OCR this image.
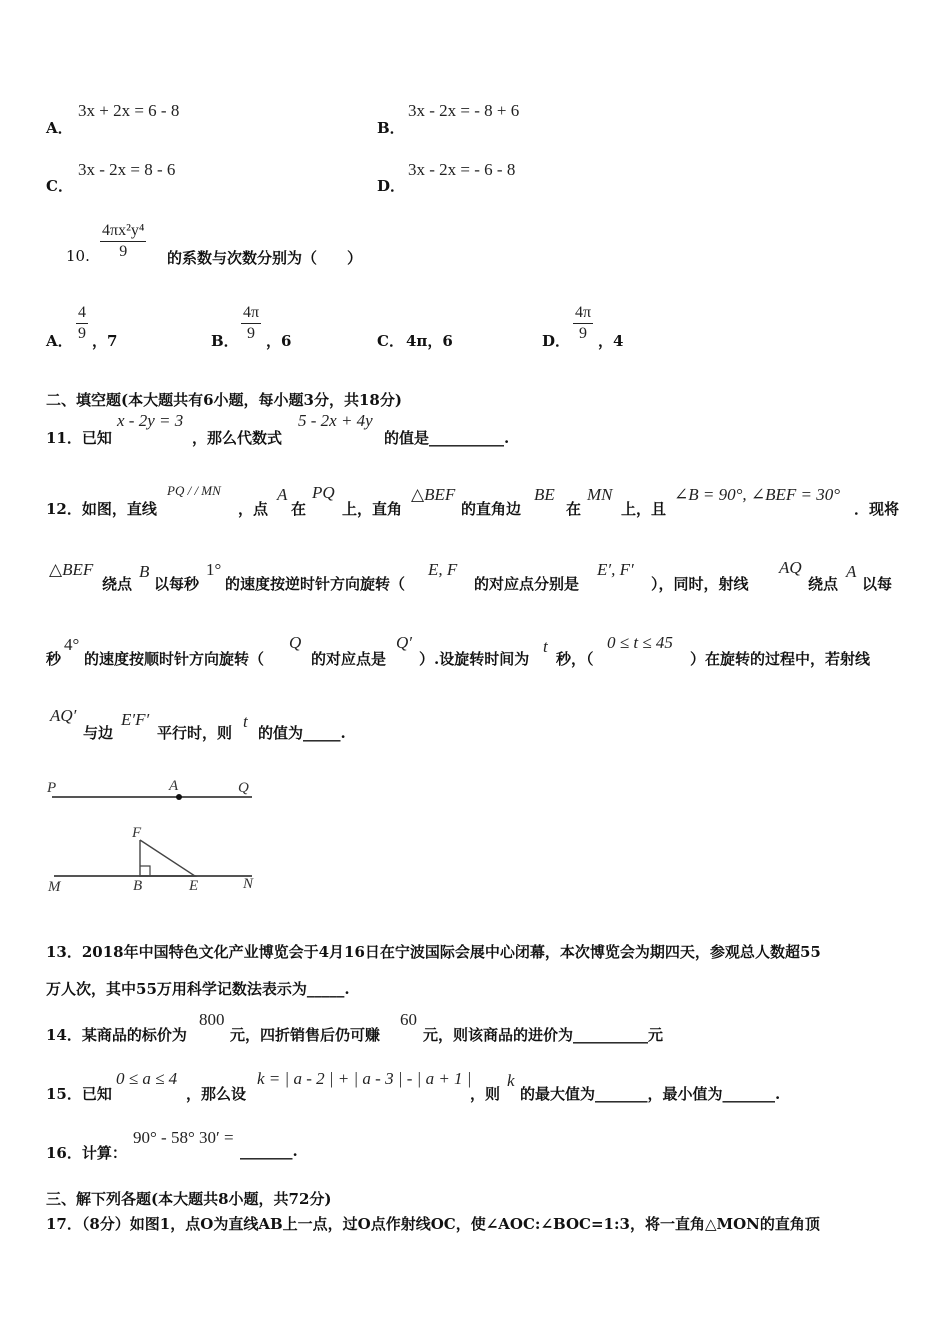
A．
3x + 2x = 6 - 8
B．
3x - 2x = - 8 + 6
C．
3x - 2x = 8 - 6
D．
3x - 2x = - 6 - 8
10. $\frac{\text{4πx²y⁴}}{9}$ 的系数与次数分别为（　　）
A． $\frac{4}{9}$ ，7	B． $\frac{4\pi}{9}$ ，6	C． 4π，6	D． $\frac{4\pi}{9}$ ，4
二、填空题(本大题共有6小题，每小题3分，共18分)
11．已知
x - 2y = 3
，那么代数式
5 - 2x + 4y
的值是__________.
12．如图，直线
PQ / / MN
，点
A
在
PQ
上，直角
△BEF
的直角边
BE
在
MN
上，且
∠B = 90°, ∠BEF = 30°
．现将
△BEF
绕点
B
以每秒
1°
的速度按逆时针方向旋转（
E, F
的对应点分别是
E′, F′
），同时，射线
AQ
绕点
A
以每
秒
4°
的速度按顺时针方向旋转（
Q
的对应点是
Q′
）.设旋转时间为
t
秒，（
0 ≤ t ≤ 45
）在旋转的过程中，若射线
AQ′
与边
E′F′
平行时，则
t
的值为_____.
P	A	Q
F
M	B	E	N
13．2018年中国特色文化产业博览会于4月16日在宁波国际会展中心闭幕，本次博览会为期四天，参观总人数超55
万人次，其中55万用科学记数法表示为_____.
14．某商品的标价为
800
元，四折销售后仍可赚
60
元，则该商品的进价为__________元
15．已知
0 ≤ a ≤ 4
，那么设
k = | a - 2 | + | a - 3 | - | a + 1 |
，则
k
的最大值为_______，最小值为_______.
16．计算：
90° - 58° 30′ =
_______.
三、解下列各题(本大题共8小题，共72分)
17．（8分）如图1，点O为直线AB上一点，过O点作射线OC，使∠AOC:∠BOC=1:3，将一直角△MON的直角顶
